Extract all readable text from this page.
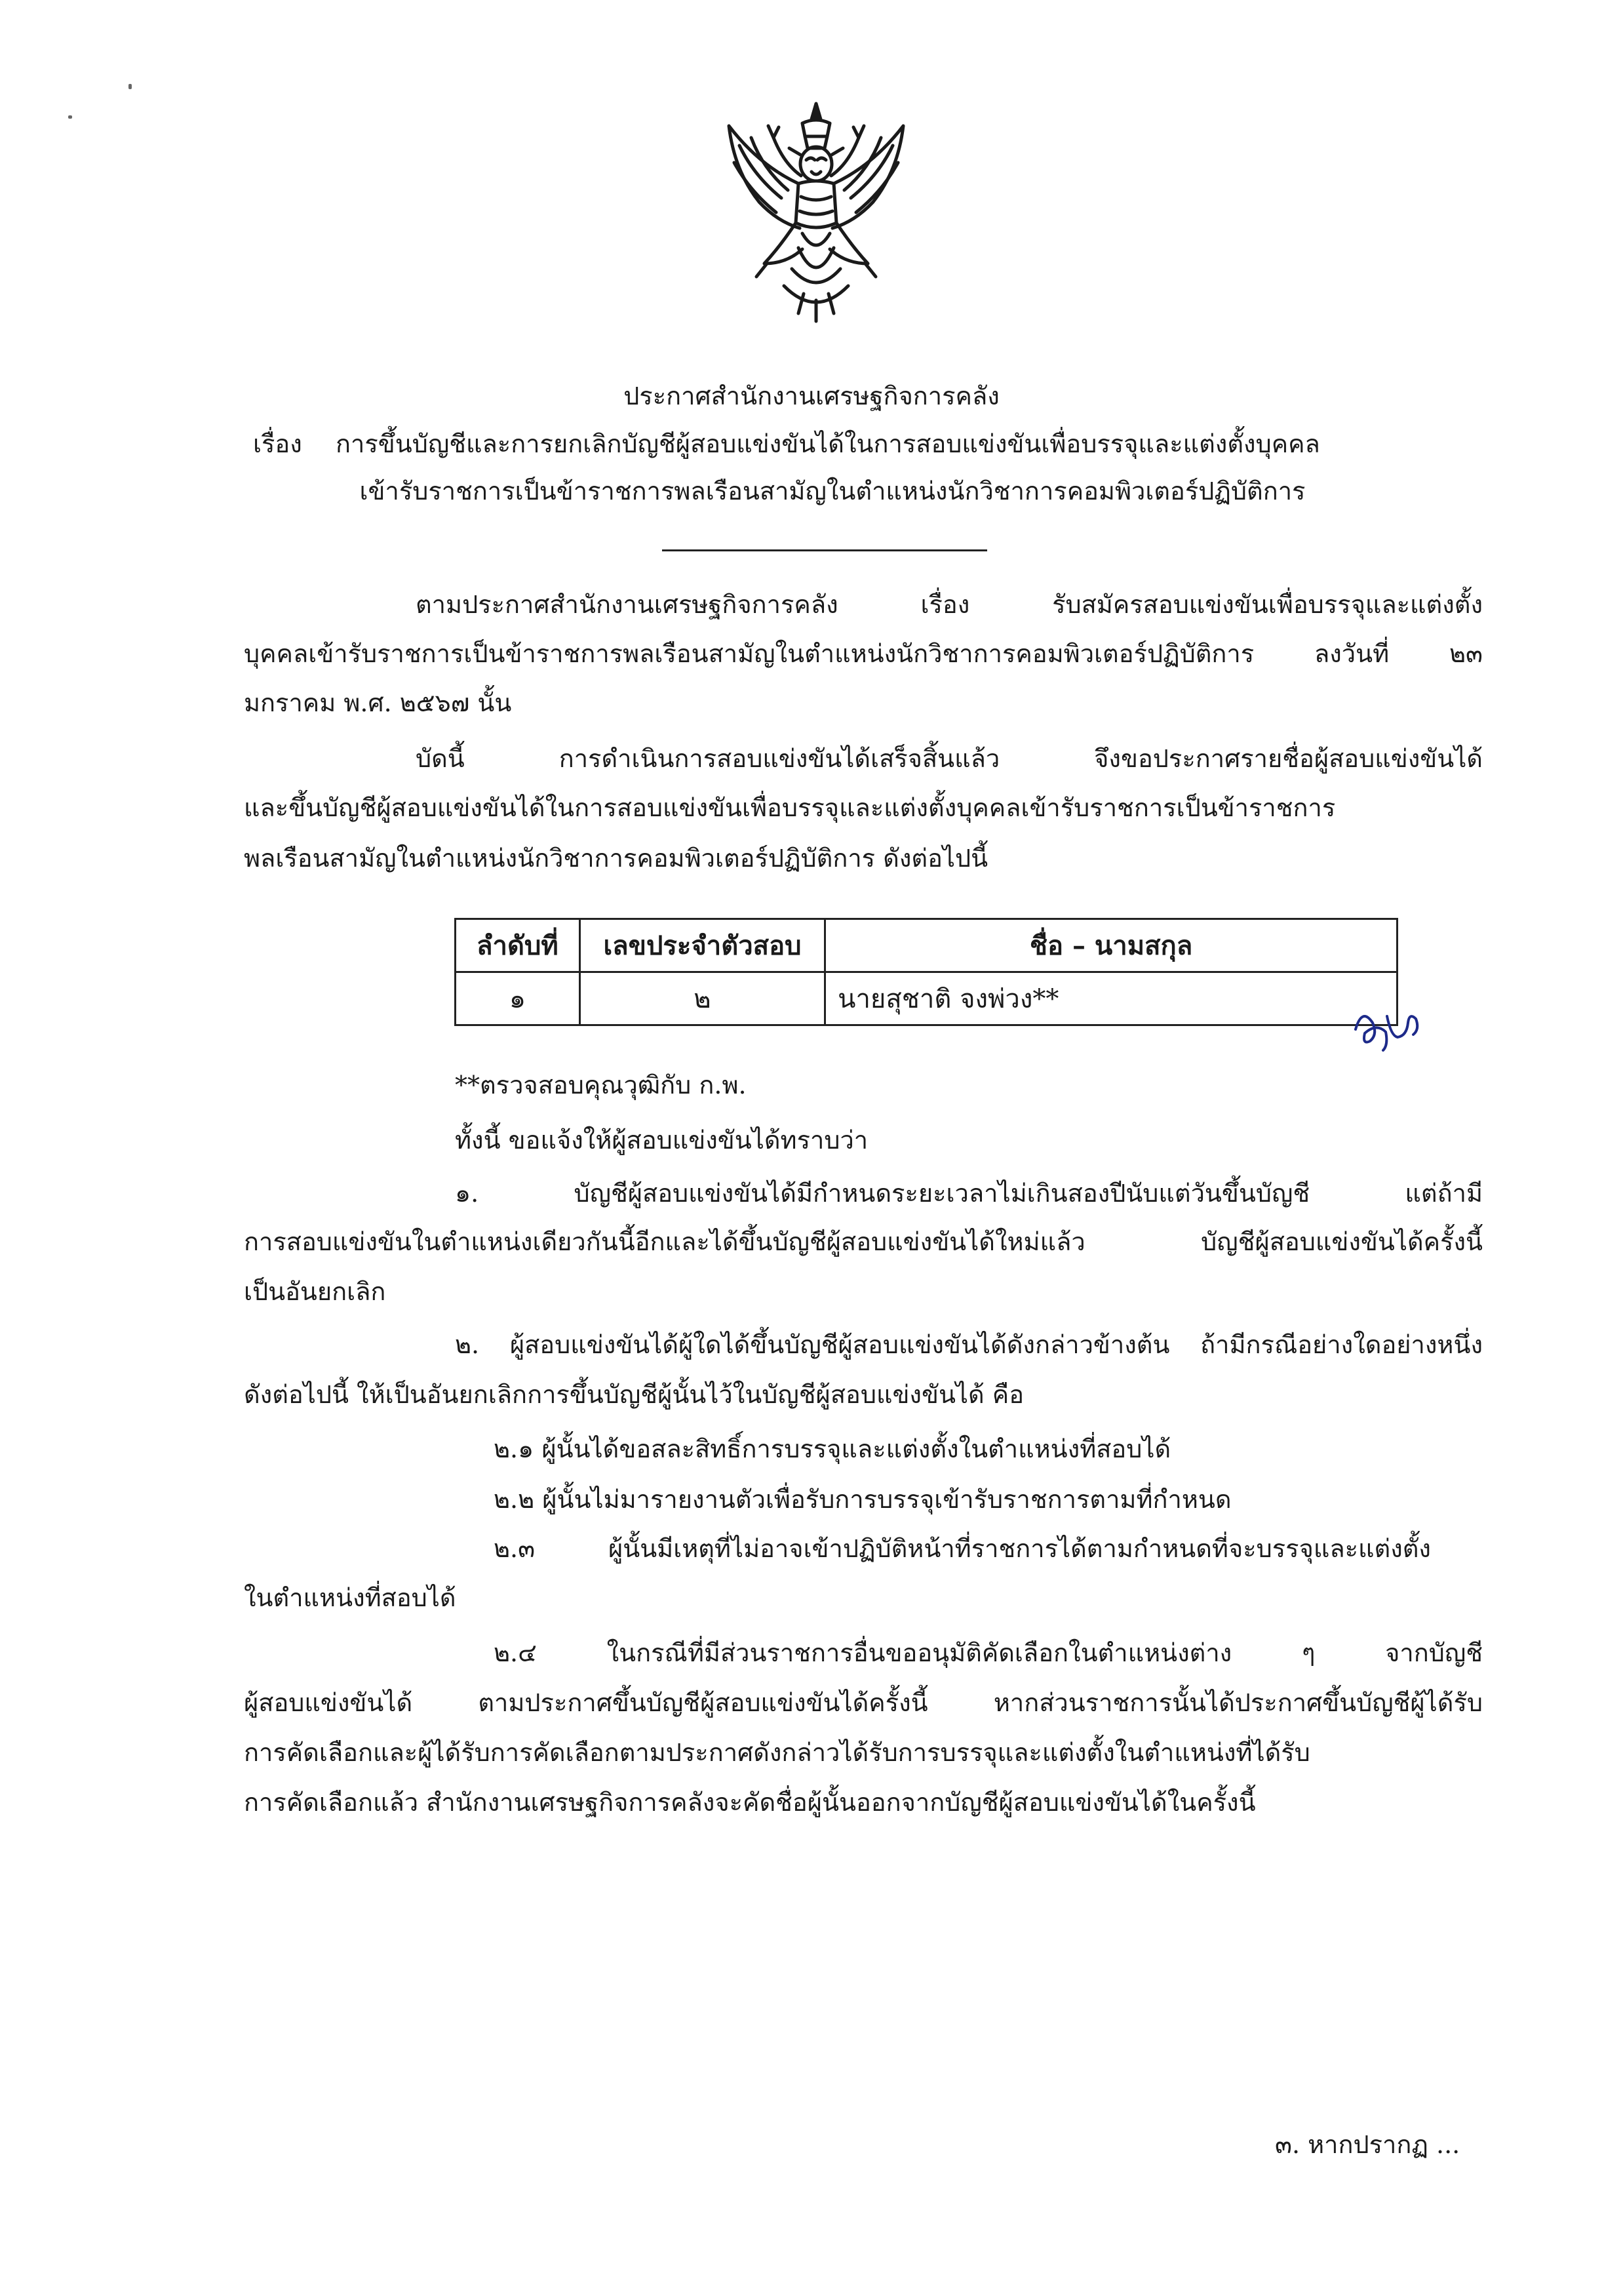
ประกาศสำนักงานเศรษฐกิจการคลัง
เรื่อง การขึ้นบัญชีและการยกเลิกบัญชีผู้สอบแข่งขันได้ในการสอบแข่งขันเพื่อบรรจุและแต่งตั้งบุคคล
เข้ารับราชการเป็นข้าราชการพลเรือนสามัญในตำแหน่งนักวิชาการคอมพิวเตอร์ปฏิบัติการ
ตามประกาศสำนักงานเศรษฐกิจการคลัง เรื่อง รับสมัครสอบแข่งขันเพื่อบรรจุและแต่งตั้ง
บุคคลเข้ารับราชการเป็นข้าราชการพลเรือนสามัญในตำแหน่งนักวิชาการคอมพิวเตอร์ปฏิบัติการ ลงวันที่ ๒๓
มกราคม พ.ศ. ๒๕๖๗ นั้น
บัดนี้ การดำเนินการสอบแข่งขันได้เสร็จสิ้นแล้ว จึงขอประกาศรายชื่อผู้สอบแข่งขันได้
และขึ้นบัญชีผู้สอบแข่งขันได้ในการสอบแข่งขันเพื่อบรรจุและแต่งตั้งบุคคลเข้ารับราชการเป็นข้าราชการ
พลเรือนสามัญในตำแหน่งนักวิชาการคอมพิวเตอร์ปฏิบัติการ ดังต่อไปนี้
ลำดับที่	เลขประจำตัวสอบ	ชื่อ – นามสกุล
๑	๒	นายสุชาติ จงพ่วง**
**ตรวจสอบคุณวุฒิกับ ก.พ.
ทั้งนี้ ขอแจ้งให้ผู้สอบแข่งขันได้ทราบว่า
๑. บัญชีผู้สอบแข่งขันได้มีกำหนดระยะเวลาไม่เกินสองปีนับแต่วันขึ้นบัญชี แต่ถ้ามี
การสอบแข่งขันในตำแหน่งเดียวกันนี้อีกและได้ขึ้นบัญชีผู้สอบแข่งขันได้ใหม่แล้ว บัญชีผู้สอบแข่งขันได้ครั้งนี้
เป็นอันยกเลิก
๒. ผู้สอบแข่งขันได้ผู้ใดได้ขึ้นบัญชีผู้สอบแข่งขันได้ดังกล่าวข้างต้น ถ้ามีกรณีอย่างใดอย่างหนึ่ง
ดังต่อไปนี้ ให้เป็นอันยกเลิกการขึ้นบัญชีผู้นั้นไว้ในบัญชีผู้สอบแข่งขันได้ คือ
๒.๑ ผู้นั้นได้ขอสละสิทธิ์การบรรจุและแต่งตั้งในตำแหน่งที่สอบได้
๒.๒ ผู้นั้นไม่มารายงานตัวเพื่อรับการบรรจุเข้ารับราชการตามที่กำหนด
๒.๓ ผู้นั้นมีเหตุที่ไม่อาจเข้าปฏิบัติหน้าที่ราชการได้ตามกำหนดที่จะบรรจุและแต่งตั้ง
ในตำแหน่งที่สอบได้
๒.๔ ในกรณีที่มีส่วนราชการอื่นขออนุมัติคัดเลือกในตำแหน่งต่าง ๆ จากบัญชี
ผู้สอบแข่งขันได้ ตามประกาศขึ้นบัญชีผู้สอบแข่งขันได้ครั้งนี้ หากส่วนราชการนั้นได้ประกาศขึ้นบัญชีผู้ได้รับ
การคัดเลือกและผู้ได้รับการคัดเลือกตามประกาศดังกล่าวได้รับการบรรจุและแต่งตั้งในตำแหน่งที่ได้รับ
การคัดเลือกแล้ว สำนักงานเศรษฐกิจการคลังจะคัดชื่อผู้นั้นออกจากบัญชีผู้สอบแข่งขันได้ในครั้งนี้
๓. หากปรากฏ ...
